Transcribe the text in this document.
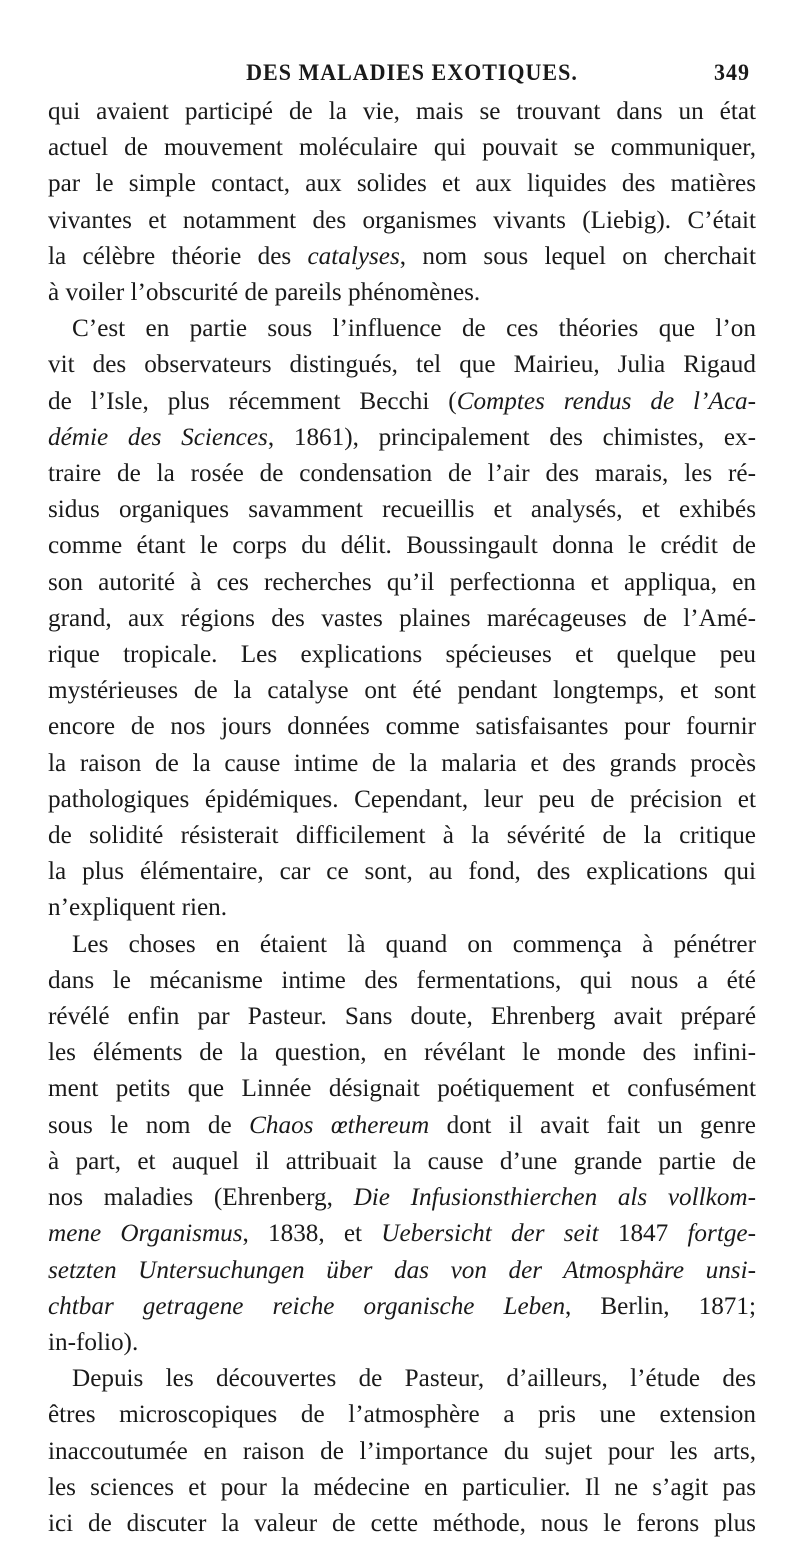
DES MALADIES EXOTIQUES.	349
qui avaient participé de la vie, mais se trouvant dans un état
actuel de mouvement moléculaire qui pouvait se communiquer,
par le simple contact, aux solides et aux liquides des matières
vivantes et notamment des organismes vivants (Liebig). C’était
la célèbre théorie des catalyses, nom sous lequel on cherchait
à voiler l’obscurité de pareils phénomènes.
C’est en partie sous l’influence de ces théories que l’on
vit des observateurs distingués, tel que Mairieu, Julia Rigaud
de l’Isle, plus récemment Becchi (Comptes rendus de l’Aca-
démie des Sciences, 1861), principalement des chimistes, ex-
traire de la rosée de condensation de l’air des marais, les ré-
sidus organiques savamment recueillis et analysés, et exhibés
comme étant le corps du délit. Boussingault donna le crédit de
son autorité à ces recherches qu’il perfectionna et appliqua, en
grand, aux régions des vastes plaines marécageuses de l’Amé-
rique tropicale. Les explications spécieuses et quelque peu
mystérieuses de la catalyse ont été pendant longtemps, et sont
encore de nos jours données comme satisfaisantes pour fournir
la raison de la cause intime de la malaria et des grands procès
pathologiques épidémiques. Cependant, leur peu de précision et
de solidité résisterait difficilement à la sévérité de la critique
la plus élémentaire, car ce sont, au fond, des explications qui
n’expliquent rien.
Les choses en étaient là quand on commença à pénétrer
dans le mécanisme intime des fermentations, qui nous a été
révélé enfin par Pasteur. Sans doute, Ehrenberg avait préparé
les éléments de la question, en révélant le monde des infini-
ment petits que Linnée désignait poétiquement et confusément
sous le nom de Chaos œthereum dont il avait fait un genre
à part, et auquel il attribuait la cause d’une grande partie de
nos maladies (Ehrenberg, Die Infusionsthierchen als vollkom-
mene Organismus, 1838, et Uebersicht der seit 1847 fortge-
setzten Untersuchungen über das von der Atmosphäre unsi-
chtbar getragene reiche organische Leben, Berlin, 1871;
in-folio).
Depuis les découvertes de Pasteur, d’ailleurs, l’étude des
êtres microscopiques de l’atmosphère a pris une extension
inaccoutumée en raison de l’importance du sujet pour les arts,
les sciences et pour la médecine en particulier. Il ne s’agit pas
ici de discuter la valeur de cette méthode, nous le ferons plus
